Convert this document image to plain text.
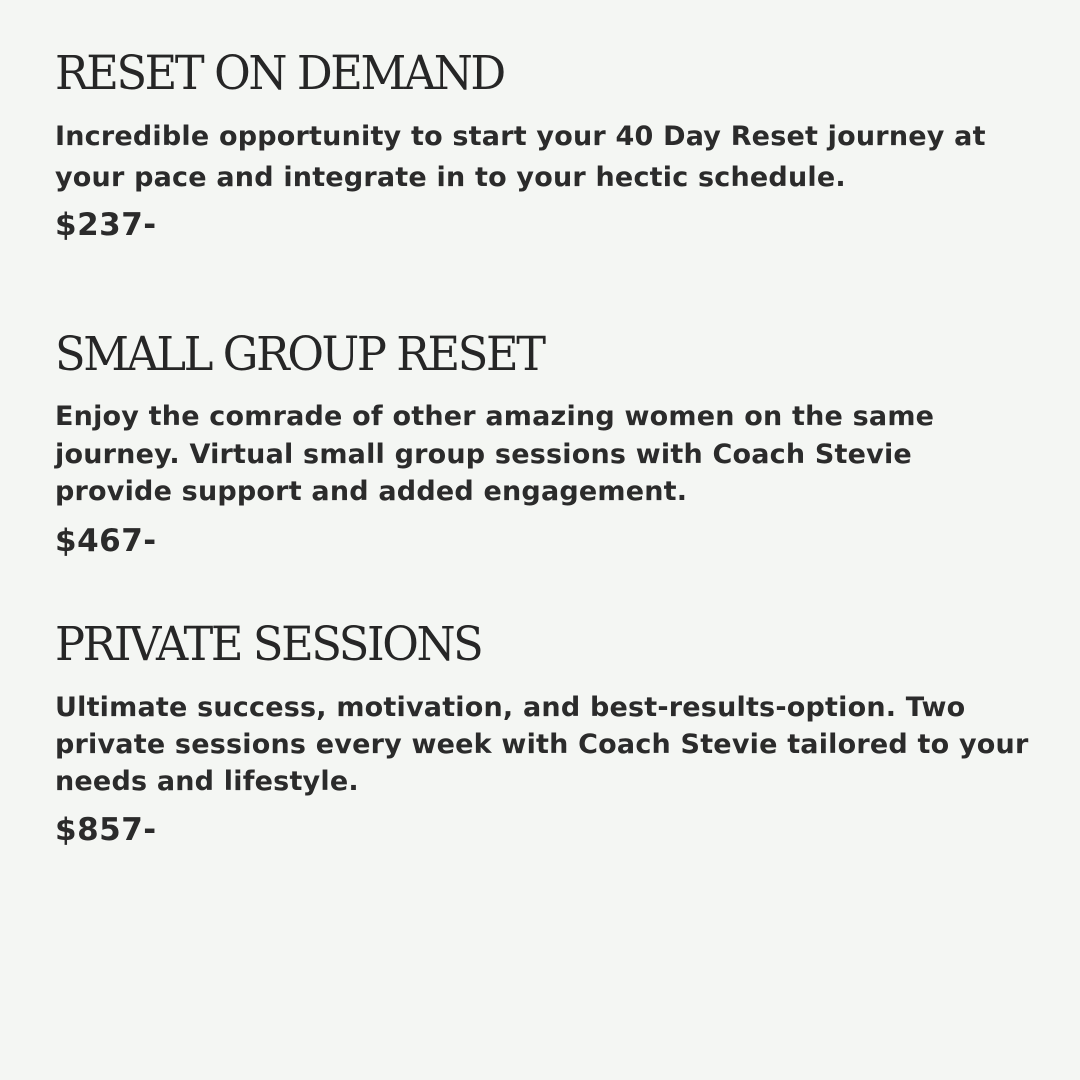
RESET ON DEMAND

Incredible opportunity to start your 40 Day Reset journey at your pace and integrate in to your hectic schedule.

$237-

SMALL GROUP RESET

Enjoy the comrade of other amazing women on the same journey. Virtual small group sessions with Coach Stevie provide support and added engagement.

$467-

PRIVATE SESSIONS

Ultimate success, motivation, and best-results-option. Two private sessions every week with Coach Stevie tailored to your needs and lifestyle.

$857-
